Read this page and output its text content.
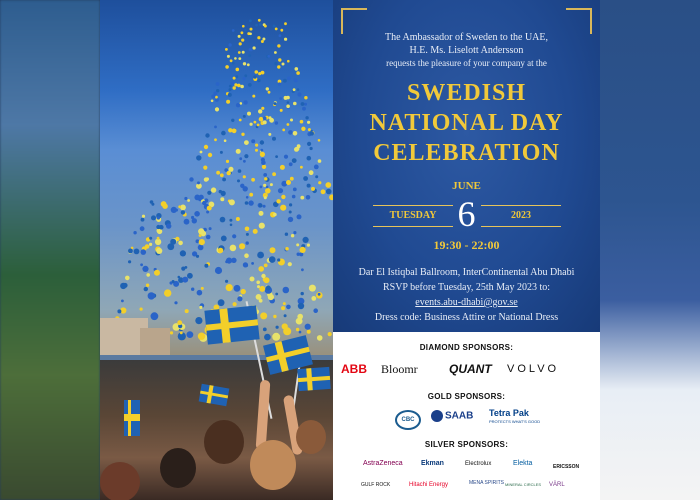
The Ambassador of Sweden to the UAE,
H.E. Ms. Liselott Andersson
requests the pleasure of your company at the
SWEDISH
NATIONAL DAY
CELEBRATION
JUNE
TUESDAY 6	2023
19:30 - 22:00
Dar El Istiqbal Ballroom, InterContinental Abu Dhabi
RSVP before Tuesday, 25th May 2023 to:
events.abu-dhabi@gov.se
Dress code: Business Attire or National Dress
DIAMOND SPONSORS:
ABB Bloomr	QUANT VOLVO
GOLD SPONSORS:
CBC	SAAB Tetra Pak
PROTECTS WHAT'S GOOD
SILVER SPONSORS:
AstraZeneca	Ekman	Electrolux	Elekta	ERICSSON
GULF ROCK	Hitachi Energy	MENA SPIRITS MINERAL CIRCLES VÄRL
